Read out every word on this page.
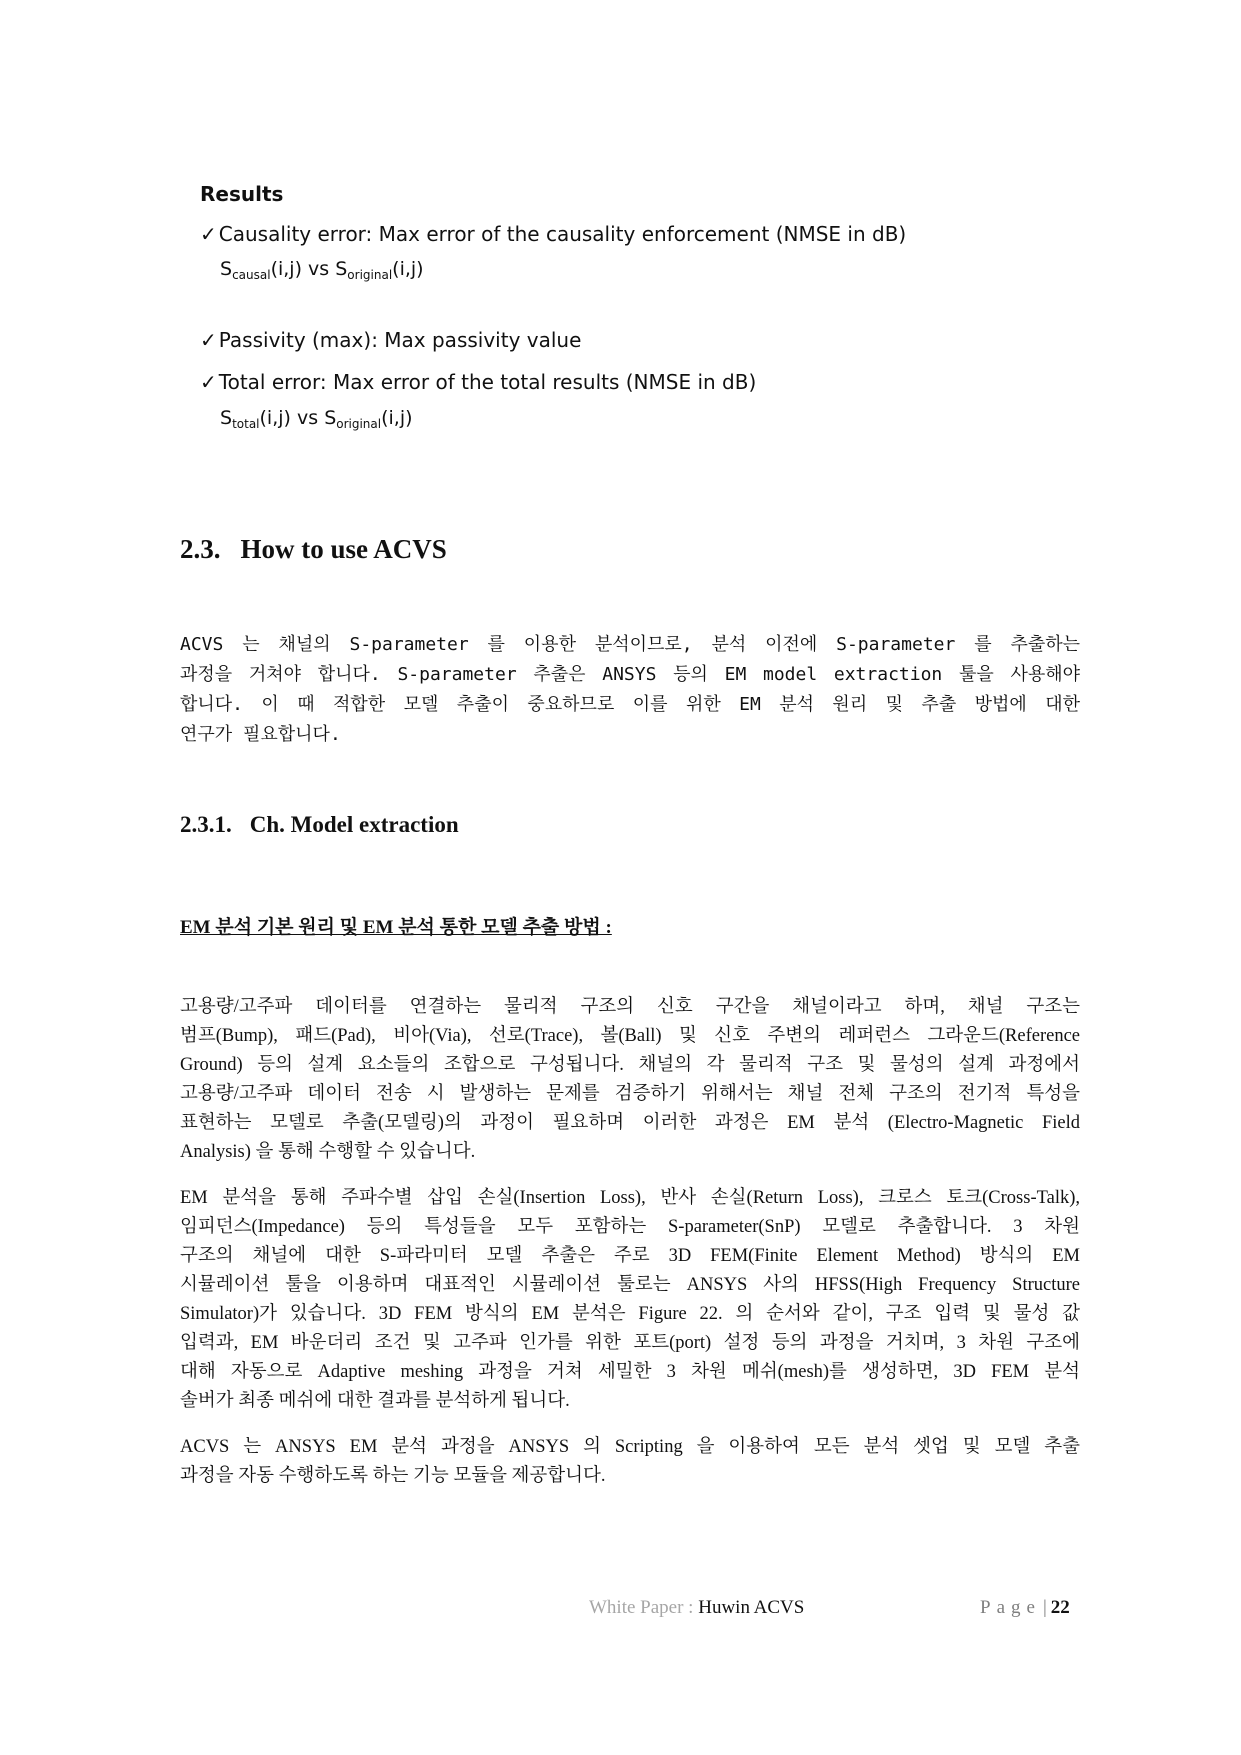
Results
✓ Causality error: Max error of the causality enforcement (NMSE in dB)
$S_{causal}(i,j)$ vs $S_{original}(i,j)$
✓ Passivity (max): Max passivity value
✓ Total error: Max error of the total results (NMSE in dB)
$S_{total}(i,j)$ vs $S_{original}(i,j)$
2.3. How to use ACVS
ACVS 는 채널의 S-parameter 를 이용한 분석이므로, 분석 이전에 S-parameter 를 추출하는
과정을 거쳐야 합니다. S-parameter 추출은 ANSYS 등의 EM model extraction 툴을 사용해야
합니다. 이 때 적합한 모델 추출이 중요하므로 이를 위한 EM 분석 원리 및 추출 방법에 대한
연구가 필요합니다.
2.3.1. Ch. Model extraction
EM 분석 기본 원리 및 EM 분석 통한 모델 추출 방법 :
고용량/고주파 데이터를 연결하는 물리적 구조의 신호 구간을 채널이라고 하며, 채널 구조는
범프(Bump), 패드(Pad), 비아(Via), 선로(Trace), 볼(Ball) 및 신호 주변의 레퍼런스 그라운드(Reference
Ground) 등의 설계 요소들의 조합으로 구성됩니다. 채널의 각 물리적 구조 및 물성의 설계 과정에서
고용량/고주파 데이터 전송 시 발생하는 문제를 검증하기 위해서는 채널 전체 구조의 전기적 특성을
표현하는 모델로 추출(모델링)의 과정이 필요하며 이러한 과정은 EM 분석 (Electro-Magnetic Field
Analysis) 을 통해 수행할 수 있습니다.
EM 분석을 통해 주파수별 삽입 손실(Insertion Loss), 반사 손실(Return Loss), 크로스 토크(Cross-Talk),
임피던스(Impedance) 등의 특성들을 모두 포함하는 S-parameter(SnP) 모델로 추출합니다. 3 차원
구조의 채널에 대한 S-파라미터 모델 추출은 주로 3D FEM(Finite Element Method) 방식의 EM
시뮬레이션 툴을 이용하며 대표적인 시뮬레이션 툴로는 ANSYS 사의 HFSS(High Frequency Structure
Simulator)가 있습니다. 3D FEM 방식의 EM 분석은 Figure 22. 의 순서와 같이, 구조 입력 및 물성 값
입력과, EM 바운더리 조건 및 고주파 인가를 위한 포트(port) 설정 등의 과정을 거치며, 3 차원 구조에
대해 자동으로 Adaptive meshing 과정을 거쳐 세밀한 3 차원 메쉬(mesh)를 생성하면, 3D FEM 분석
솔버가 최종 메쉬에 대한 결과를 분석하게 됩니다.
ACVS 는 ANSYS EM 분석 과정을 ANSYS 의 Scripting 을 이용하여 모든 분석 셋업 및 모델 추출
과정을 자동 수행하도록 하는 기능 모듈을 제공합니다.
White Paper : Huwin ACVS	Page | 22
